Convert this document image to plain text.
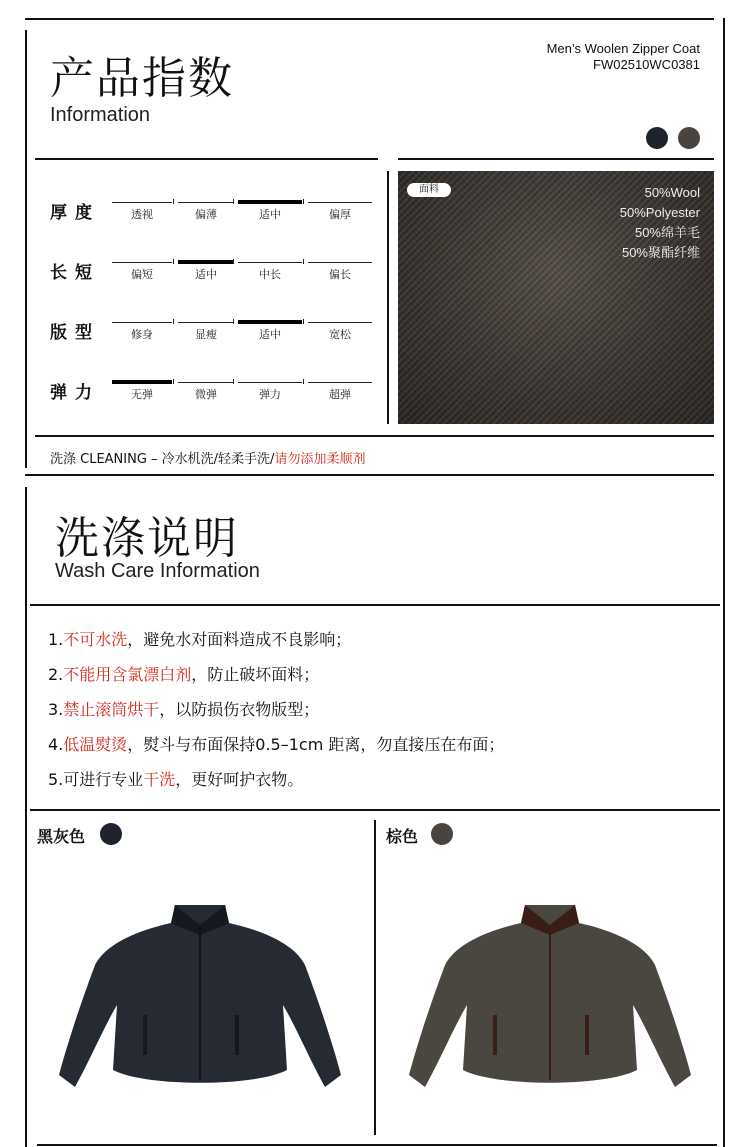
产品指数
Information
Men’s Woolen Zipper Coat
FW02510WC0381
厚度	透视	偏薄	适中	偏厚
长短	偏短	适中	中长	偏长
版型	修身	显瘦	适中	宽松
弹力	无弹	微弹	弹力	超弹
面料	50%Wool
50%Polyester
50%绵羊毛
50%聚酯纤维
洗涤 CLEANING – 冷水机洗/轻柔手洗/请勿添加柔顺剂
洗涤说明
Wash Care Information
1.不可水洗，避免水对面料造成不良影响；
2.不能用含氯漂白剂，防止破坏面料；
3.禁止滚筒烘干，以防损伤衣物版型；
4.低温熨烫，熨斗与布面保持0.5–1cm 距离，勿直接压在布面；
5.可进行专业干洗，更好呵护衣物。
黑灰色	棕色
